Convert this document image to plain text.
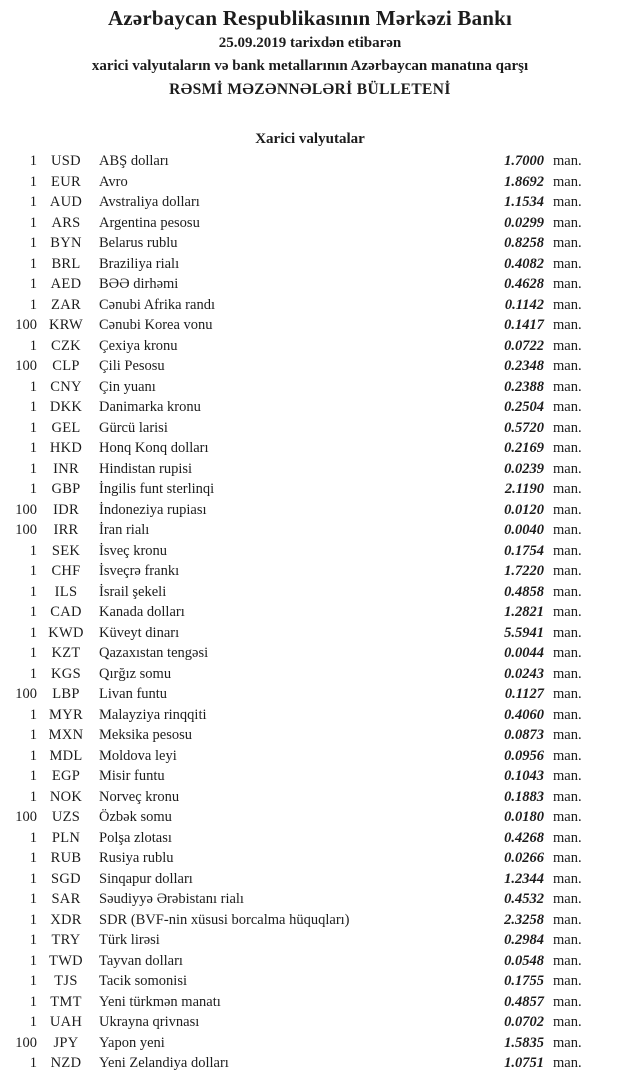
Azərbaycan Respublikasının Mərkəzi Bankı

25.09.2019 tarixdən etibarən

xarici valyutaların və bank metallarının Azərbaycan manatına qarşı

RƏSMİ MƏZƏNNƏLƏRİ BÜLLETENİ

Xarici valyutalar
1 USD	ABŞ dolları	1.7000 man.
1 EUR	Avro	1.8692 man.
1 AUD	Avstraliya dolları	1.1534 man.
1 ARS	Argentina pesosu	0.0299 man.
1 BYN	Belarus rublu	0.8258 man.
1 BRL	Braziliya rialı	0.4082 man.
1 AED	BƏƏ dirhəmi	0.4628 man.
1 ZAR	Cənubi Afrika randı	0.1142 man.
100 KRW	Cənubi Korea vonu	0.1417 man.
1 CZK	Çexiya kronu	0.0722 man.
100	CLP	Çili Pesosu	0.2348 man.
1 CNY	Çin yuanı	0.2388 man.
1 DKK	Danimarka kronu	0.2504 man.
1 GEL	Gürcü larisi	0.5720 man.
1 HKD	Honq Konq dolları	0.2169 man.
1	INR	Hindistan rupisi	0.0239 man.
1 GBP	İngilis funt sterlinqi	2.1190 man.
100	IDR	İndoneziya rupiası	0.0120 man.
100	IRR	İran rialı	0.0040 man.
1	SEK	İsveç kronu	0.1754 man.
1 CHF	İsveçrə frankı	1.7220 man.
1	ILS	İsrail şekeli	0.4858 man.
1 CAD	Kanada dolları	1.2821 man.
1 KWD	Küveyt dinarı	5.5941 man.
1 KZT	Qazaxıstan tengəsi	0.0044 man.
1 KGS	Qırğız somu	0.0243 man.
100	LBP	Livan funtu	0.1127 man.
1 MYR	Malayziya rinqqiti	0.4060 man.
1 MXN	Meksika pesosu	0.0873 man.
1 MDL	Moldova leyi	0.0956 man.
1	EGP	Misir funtu	0.1043 man.
1 NOK	Norveç kronu	0.1883 man.
100	UZS	Özbək somu	0.0180 man.
1	PLN	Polşa zlotası	0.4268 man.
1 RUB	Rusiya rublu	0.0266 man.
1 SGD	Sinqapur dolları	1.2344 man.
1 SAR	Səudiyyə Ərəbistanı rialı	0.4532 man.
1 XDR	SDR (BVF-nin xüsusi borcalma hüquqları)	2.3258 man.
1 TRY	Türk lirəsi	0.2984 man.
1 TWD	Tayvan dolları	0.0548 man.
1	TJS	Tacik somonisi	0.1755 man.
1 TMT	Yeni türkmən manatı	0.4857 man.
1 UAH	Ukrayna qrivnası	0.0702 man.
100	JPY	Yapon yeni	1.5835 man.
1 NZD	Yeni Zelandiya dolları	1.0751 man.
